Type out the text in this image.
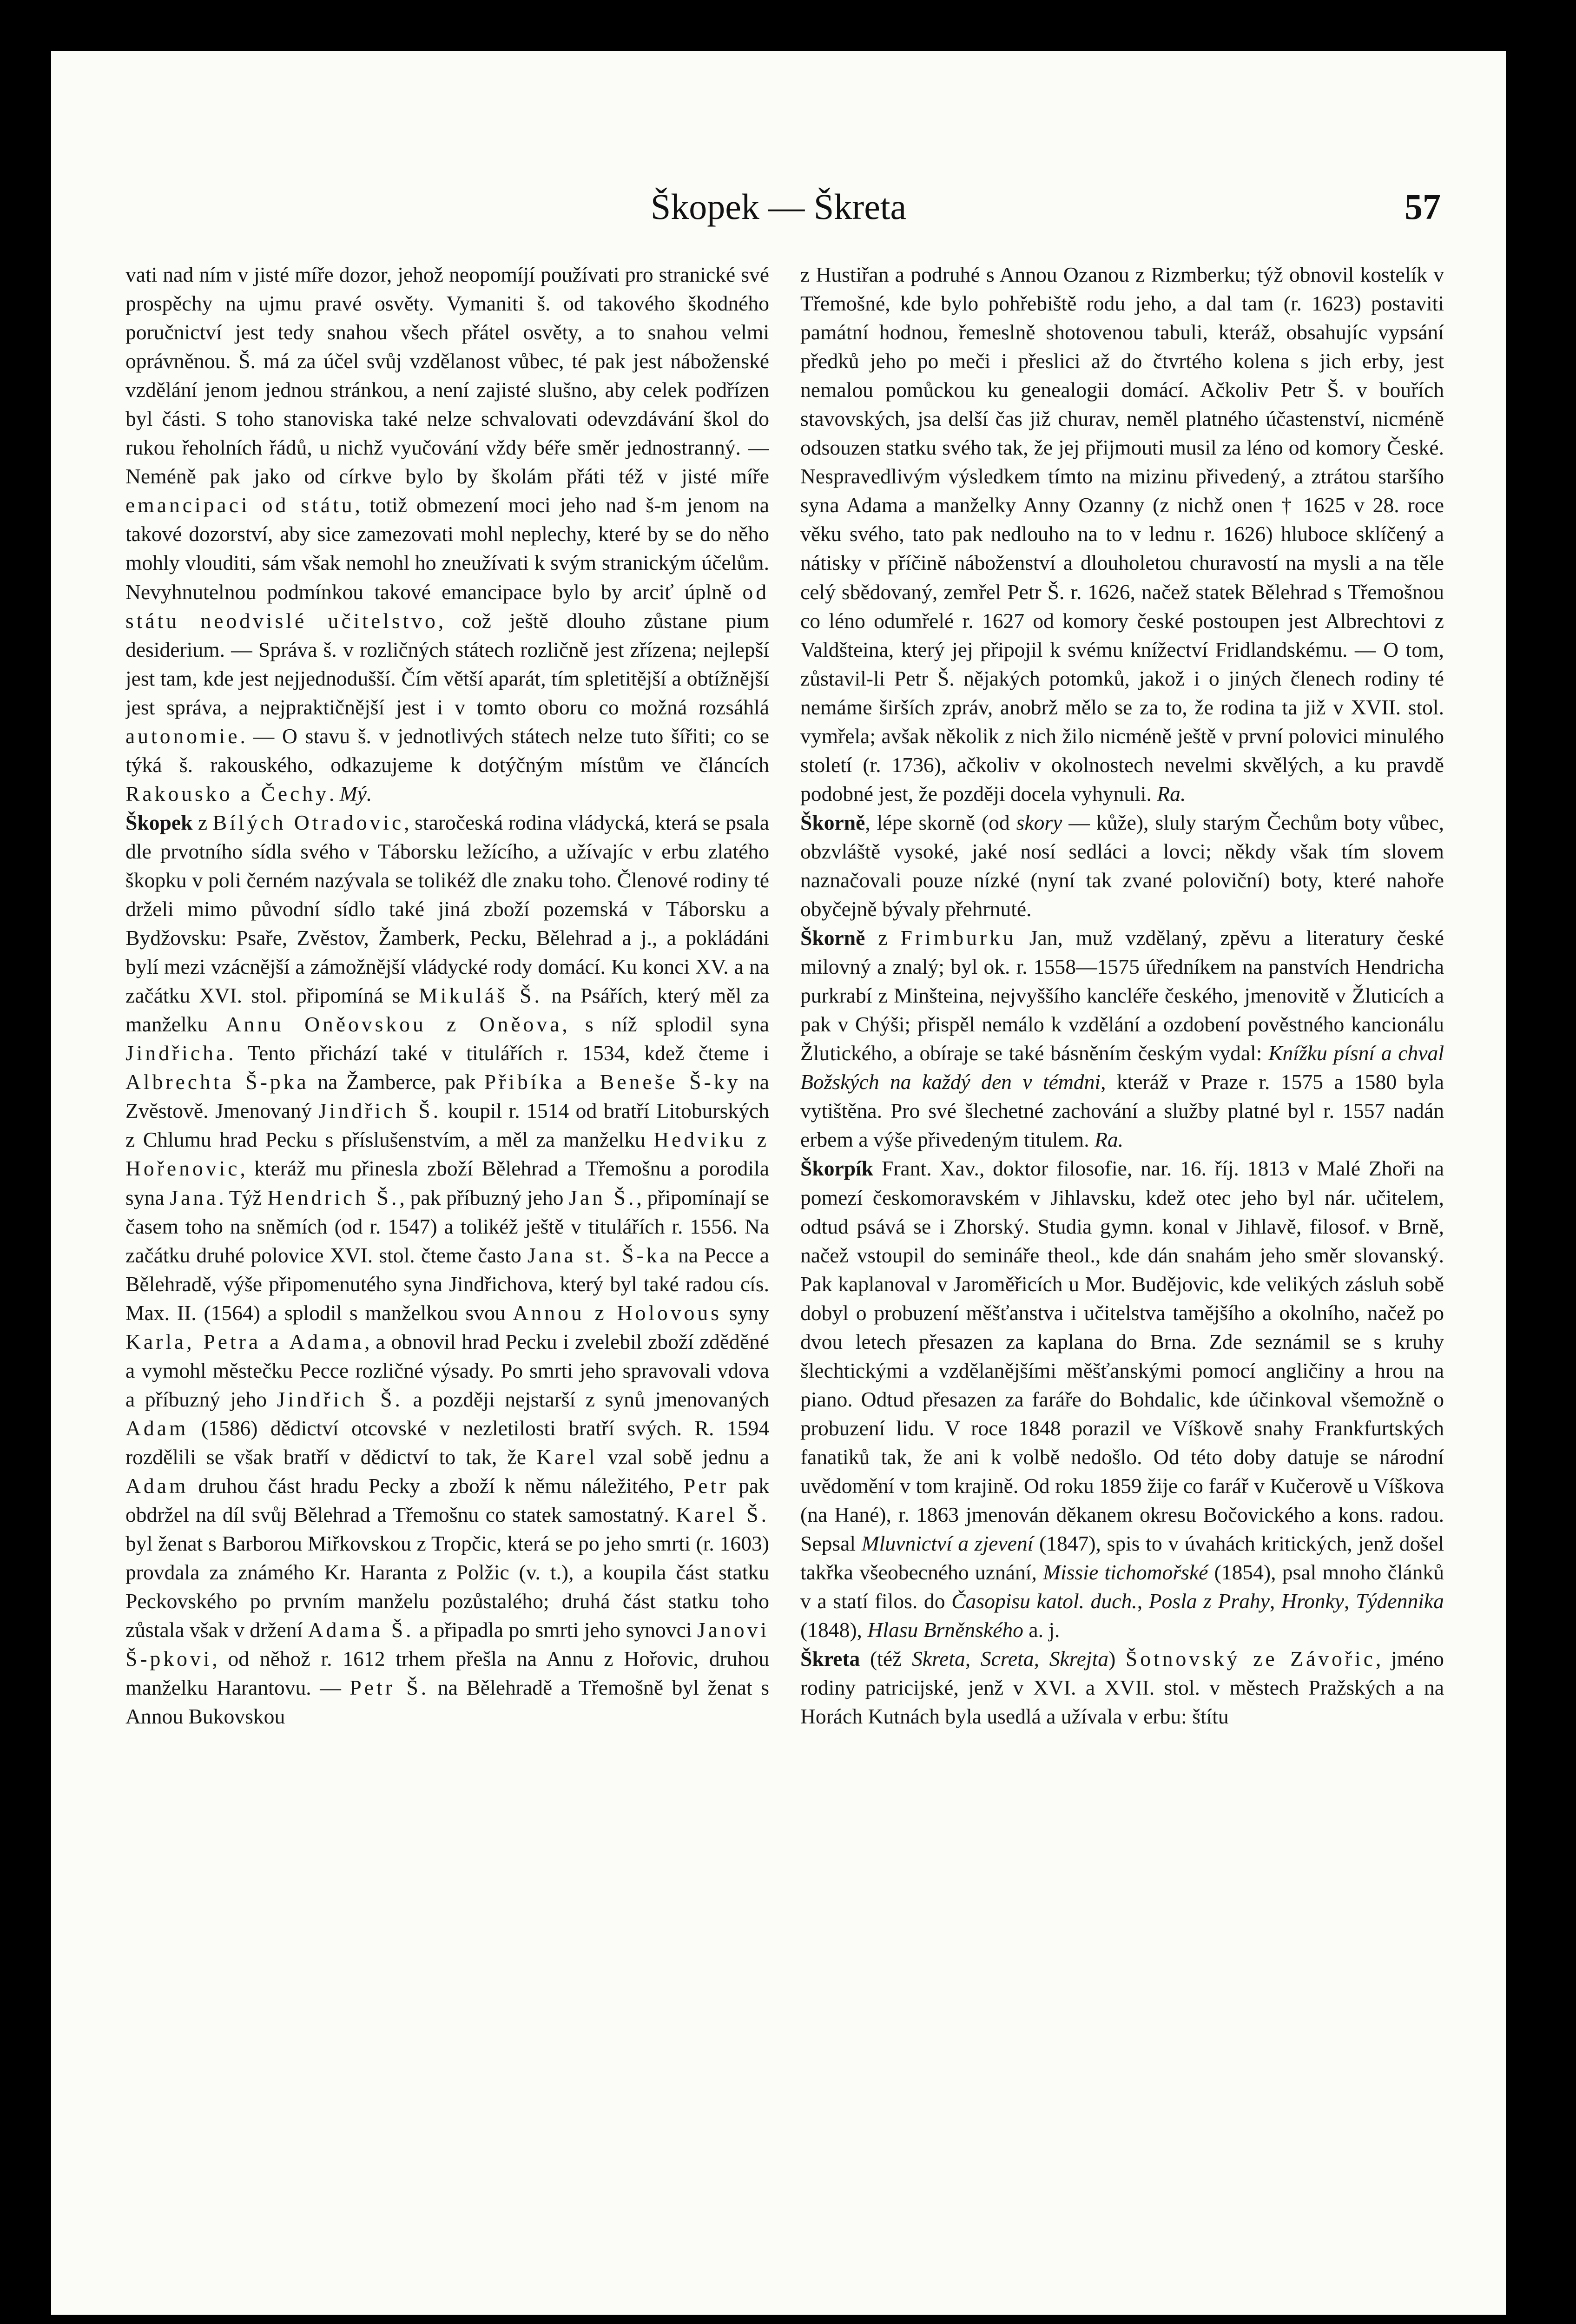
Škopek — Škreta	57

vati nad ním v jisté míře dozor, jehož neopomíjí používati pro stranické své prospěchy na ujmu pravé osvěty. Vymaniti š. od takového škodného poručnictví jest tedy snahou všech přátel osvěty, a to snahou velmi oprávněnou. Š. má za účel svůj vzdělanost vůbec, té pak jest náboženské vzdělání jenom jednou stránkou, a není zajisté slušno, aby celek podřízen byl části. S toho stanoviska také nelze schvalovati odevzdávání škol do rukou řeholních řádů, u nichž vyučování vždy béře směr jednostranný. — Neméně pak jako od církve bylo by školám přáti též v jisté míře emancipaci od státu, totiž obmezení moci jeho nad š-m jenom na takové dozorství, aby sice zamezovati mohl neplechy, které by se do něho mohly vlouditi, sám však nemohl ho zneužívati k svým stranickým účelům. Nevyhnutelnou podmínkou takové emancipace bylo by arciť úplně od státu neodvislé učitelstvo, což ještě dlouho zůstane pium desiderium. — Správa š. v rozličných státech rozličně jest zřízena; nejlepší jest tam, kde jest nejjednodušší. Čím větší aparát, tím spletitější a obtížnější jest správa, a nejpraktičnější jest i v tomto oboru co možná rozsáhlá autonomie. — O stavu š. v jednotlivých státech nelze tuto šířiti; co se týká š. rakouského, odkazujeme k dotýčným místům ve článcích Rakousko a Čechy. Mý.

Škopek z Bílých Otradovic, staročeská rodina vládycká, která se psala dle prvotního sídla svého v Táborsku ležícího, a užívajíc v erbu zlatého škopku v poli černém nazývala se tolikéž dle znaku toho. Členové rodiny té drželi mimo původní sídlo také jiná zboží pozemská v Táborsku a Bydžovsku: Psaře, Zvěstov, Žamberk, Pecku, Bělehrad a j., a pokládáni bylí mezi vzácnější a zámožnější vládycké rody domácí. Ku konci XV. a na začátku XVI. stol. připomíná se Mikuláš Š. na Psářích, který měl za manželku Annu Oněovskou z Oněova, s níž splodil syna Jindřicha. Tento přichází také v titulářích r. 1534, kdež čteme i Albrechta Š-pka na Žamberce, pak Přibíka a Beneše Š-ky na Zvěstově. Jmenovaný Jindřich Š. koupil r. 1514 od bratří Litoburských z Chlumu hrad Pecku s příslušenstvím, a měl za manželku Hedviku z Hořenovic, kteráž mu přinesla zboží Bělehrad a Třemošnu a porodila syna Jana. Týž Hendrich Š., pak příbuzný jeho Jan Š., připomínají se časem toho na sněmích (od r. 1547) a tolikéž ještě v titulářích r. 1556. Na začátku druhé polovice XVI. stol. čteme často Jana st. Š-ka na Pecce a Bělehradě, výše připomenutého syna Jindřichova, který byl také radou cís. Max. II. (1564) a splodil s manželkou svou Annou z Holovous syny Karla, Petra a Adama, a obnovil hrad Pecku i zvelebil zboží zděděné a vymohl městečku Pecce rozličné výsady. Po smrti jeho spravovali vdova a příbuzný jeho Jindřich Š. a později nejstarší z synů jmenovaných Adam (1586) dědictví otcovské v nezletilosti bratří svých. R. 1594 rozdělili se však bratří v dědictví to tak, že Karel vzal sobě jednu a Adam druhou část hradu Pecky a zboží k němu náležitého, Petr pak obdržel na díl svůj Bělehrad a Třemošnu co statek samostatný. Karel Š. byl ženat s Barborou Miřkovskou z Tropčic, která se po jeho smrti (r. 1603) provdala za známého Kr. Haranta z Polžic (v. t.), a koupila část statku Peckovského po prvním manželu pozůstalého; druhá část statku toho zůstala však v držení Adama Š. a připadla po smrti jeho synovci Janovi Š-pkovi, od něhož r. 1612 trhem přešla na Annu z Hořovic, druhou manželku Harantovu. — Petr Š. na Bělehradě a Třemošně byl ženat s Annou Bukovskou

z Hustiřan a podruhé s Annou Ozanou z Rizmberku; týž obnovil kostelík v Třemošné, kde bylo pohřebiště rodu jeho, a dal tam (r. 1623) postaviti památní hodnou, řemeslně shotovenou tabuli, kteráž, obsahujíc vypsání předků jeho po meči i přeslici až do čtvrtého kolena s jich erby, jest nemalou pomůckou ku genealogii domácí. Ačkoliv Petr Š. v bouřích stavovských, jsa delší čas již churav, neměl platného účastenství, nicméně odsouzen statku svého tak, že jej přijmouti musil za léno od komory České. Nespravedlivým výsledkem tímto na mizinu přivedený, a ztrátou staršího syna Adama a manželky Anny Ozanny (z nichž onen † 1625 v 28. roce věku svého, tato pak nedlouho na to v lednu r. 1626) hluboce sklíčený a nátisky v příčině náboženství a dlouholetou churavostí na mysli a na těle celý sbědovaný, zemřel Petr Š. r. 1626, načež statek Bělehrad s Třemošnou co léno odumřelé r. 1627 od komory české postoupen jest Albrechtovi z Valdšteina, který jej připojil k svému knížectví Fridlandskému. — O tom, zůstavil-li Petr Š. nějakých potomků, jakož i o jiných členech rodiny té nemáme širších zpráv, anobrž mělo se za to, že rodina ta již v XVII. stol. vymřela; avšak několik z nich žilo nicméně ještě v první polovici minulého století (r. 1736), ačkoliv v okolnostech nevelmi skvělých, a ku pravdě podobné jest, že později docela vyhynuli. Ra.

Škorně, lépe skorně (od skory — kůže), sluly starým Čechům boty vůbec, obzvláště vysoké, jaké nosí sedláci a lovci; někdy však tím slovem naznačovali pouze nízké (nyní tak zvané poloviční) boty, které nahoře obyčejně bývaly přehrnuté.

Škorně z Frimburku Jan, muž vzdělaný, zpěvu a literatury české milovný a znalý; byl ok. r. 1558—1575 úředníkem na panstvích Hendricha purkrabí z Minšteina, nejvyššího kancléře českého, jmenovitě v Žluticích a pak v Chýši; přispěl nemálo k vzdělání a ozdobení pověstného kancionálu Žlutického, a obíraje se také básněním českým vydal: Knížku písní a chval Božských na každý den v témdni, kteráž v Praze r. 1575 a 1580 byla vytištěna. Pro své šlechetné zachování a služby platné byl r. 1557 nadán erbem a výše přivedeným titulem. Ra.

Škorpík Frant. Xav., doktor filosofie, nar. 16. říj. 1813 v Malé Zhoři na pomezí českomoravském v Jihlavsku, kdež otec jeho byl nár. učitelem, odtud psává se i Zhorský. Studia gymn. konal v Jihlavě, filosof. v Brně, načež vstoupil do semináře theol., kde dán snahám jeho směr slovanský. Pak kaplanoval v Jaroměřicích u Mor. Budějovic, kde velikých zásluh sobě dobyl o probuzení měšťanstva i učitelstva tamějšího a okolního, načež po dvou letech přesazen za kaplana do Brna. Zde seznámil se s kruhy šlechtickými a vzdělanějšími měšťanskými pomocí angličiny a hrou na piano. Odtud přesazen za faráře do Bohdalic, kde účinkoval všemožně o probuzení lidu. V roce 1848 porazil ve Víškově snahy Frankfurtských fanatiků tak, že ani k volbě nedošlo. Od této doby datuje se národní uvědomění v tom krajině. Od roku 1859 žije co farář v Kučerově u Víškova (na Hané), r. 1863 jmenován děkanem okresu Bočovického a kons. radou. Sepsal Mluvnictví a zjevení (1847), spis to v úvahách kritických, jenž došel takřka všeobecného uznání, Missie tichomořské (1854), psal mnoho článků v a statí filos. do Časopisu katol. duch., Posla z Prahy, Hronky, Týdennika (1848), Hlasu Brněnského a. j.

Škreta (též Skreta, Screta, Skrejta) Šotnovský ze Závořic, jméno rodiny patricijské, jenž v XVI. a XVII. stol. v městech Pražských a na Horách Kutnách byla usedlá a užívala v erbu: štítu
